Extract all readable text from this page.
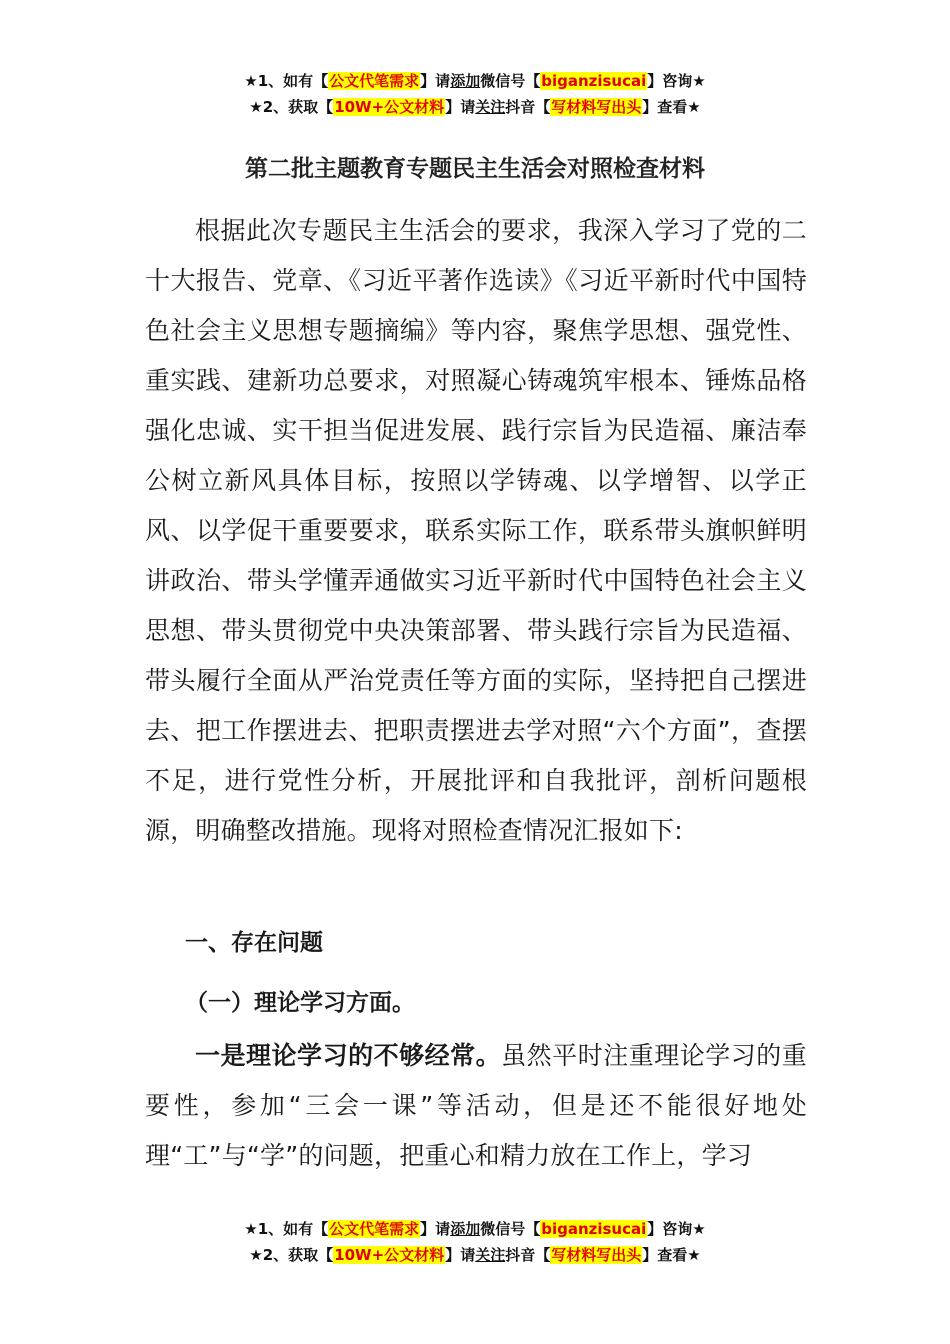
★1、如有【公文代笔需求】请添加微信号【biganzisucai】咨询★
★2、获取【10W+公文材料】请关注抖音【写材料写出头】查看★
第二批主题教育专题民主生活会对照检查材料

根据此次专题民主生活会的要求，我深入学习了党的二十大报告、党章、《习近平著作选读》《习近平新时代中国特色社会主义思想专题摘编》等内容，聚焦学思想、强党性、重实践、建新功总要求，对照凝心铸魂筑牢根本、锤炼品格强化忠诚、实干担当促进发展、践行宗旨为民造福、廉洁奉公树立新风具体目标，按照以学铸魂、以学增智、以学正风、以学促干重要要求，联系实际工作，联系带头旗帜鲜明讲政治、带头学懂弄通做实习近平新时代中国特色社会主义思想、带头贯彻党中央决策部署、带头践行宗旨为民造福、带头履行全面从严治党责任等方面的实际，坚持把自己摆进去、把工作摆进去、把职责摆进去学对照“六个方面”，查摆不足，进行党性分析，开展批评和自我批评，剖析问题根源，明确整改措施。现将对照检查情况汇报如下:

一、存在问题

（一）理论学习方面。

一是理论学习的不够经常。虽然平时注重理论学习的重要性，参加“三会一课”等活动，但是还不能很好地处理“工”与“学”的问题，把重心和精力放在工作上，学习

★1、如有【公文代笔需求】请添加微信号【biganzisucai】咨询★
★2、获取【10W+公文材料】请关注抖音【写材料写出头】查看★
